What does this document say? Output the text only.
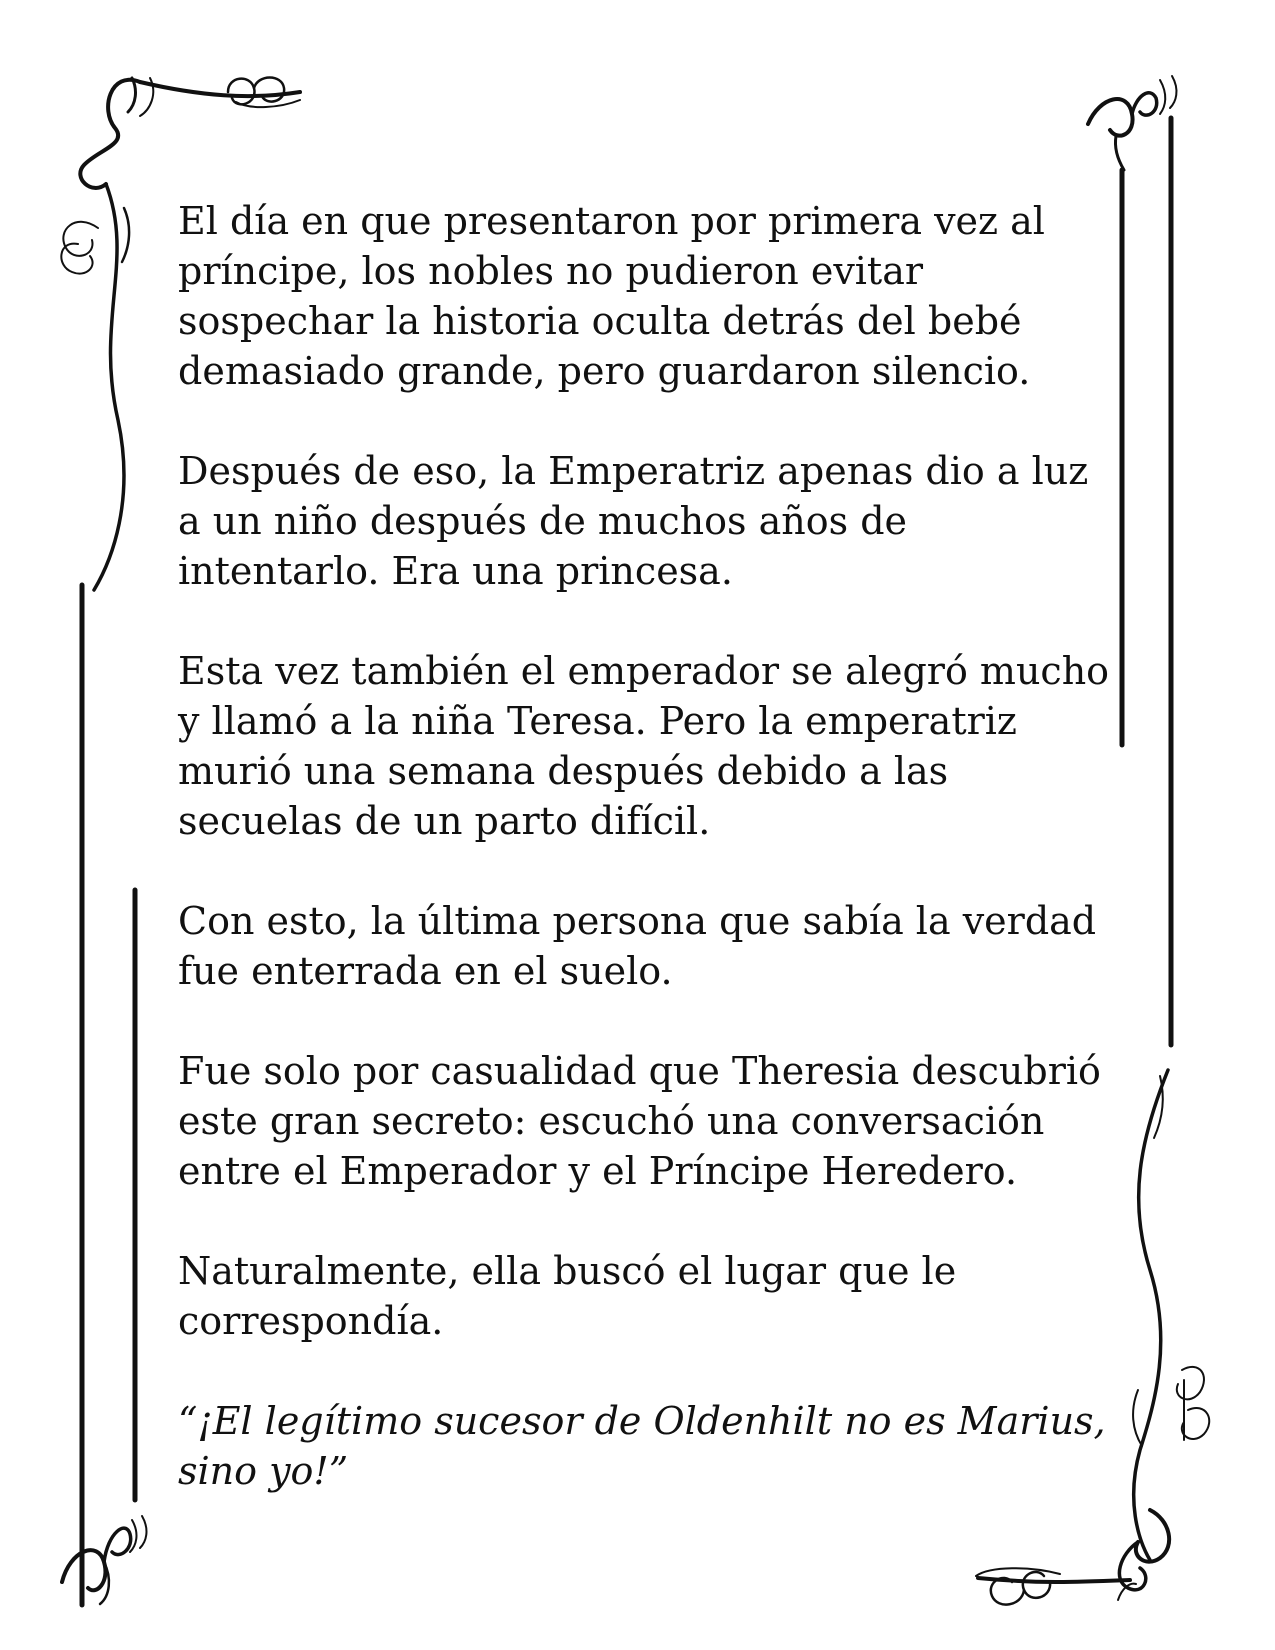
El día en que presentaron por primera vez al
príncipe, los nobles no pudieron evitar
sospechar la historia oculta detrás del bebé
demasiado grande, pero guardaron silencio.

Después de eso, la Emperatriz apenas dio a luz
a un niño después de muchos años de
intentarlo. Era una princesa.

Esta vez también el emperador se alegró mucho
y llamó a la niña Teresa. Pero la emperatriz
murió una semana después debido a las
secuelas de un parto difícil.

Con esto, la última persona que sabía la verdad
fue enterrada en el suelo.

Fue solo por casualidad que Theresia descubrió
este gran secreto: escuchó una conversación
entre el Emperador y el Príncipe Heredero.

Naturalmente, ella buscó el lugar que le
correspondía.

“¡El legítimo sucesor de Oldenhilt no es Marius,
sino yo!”
